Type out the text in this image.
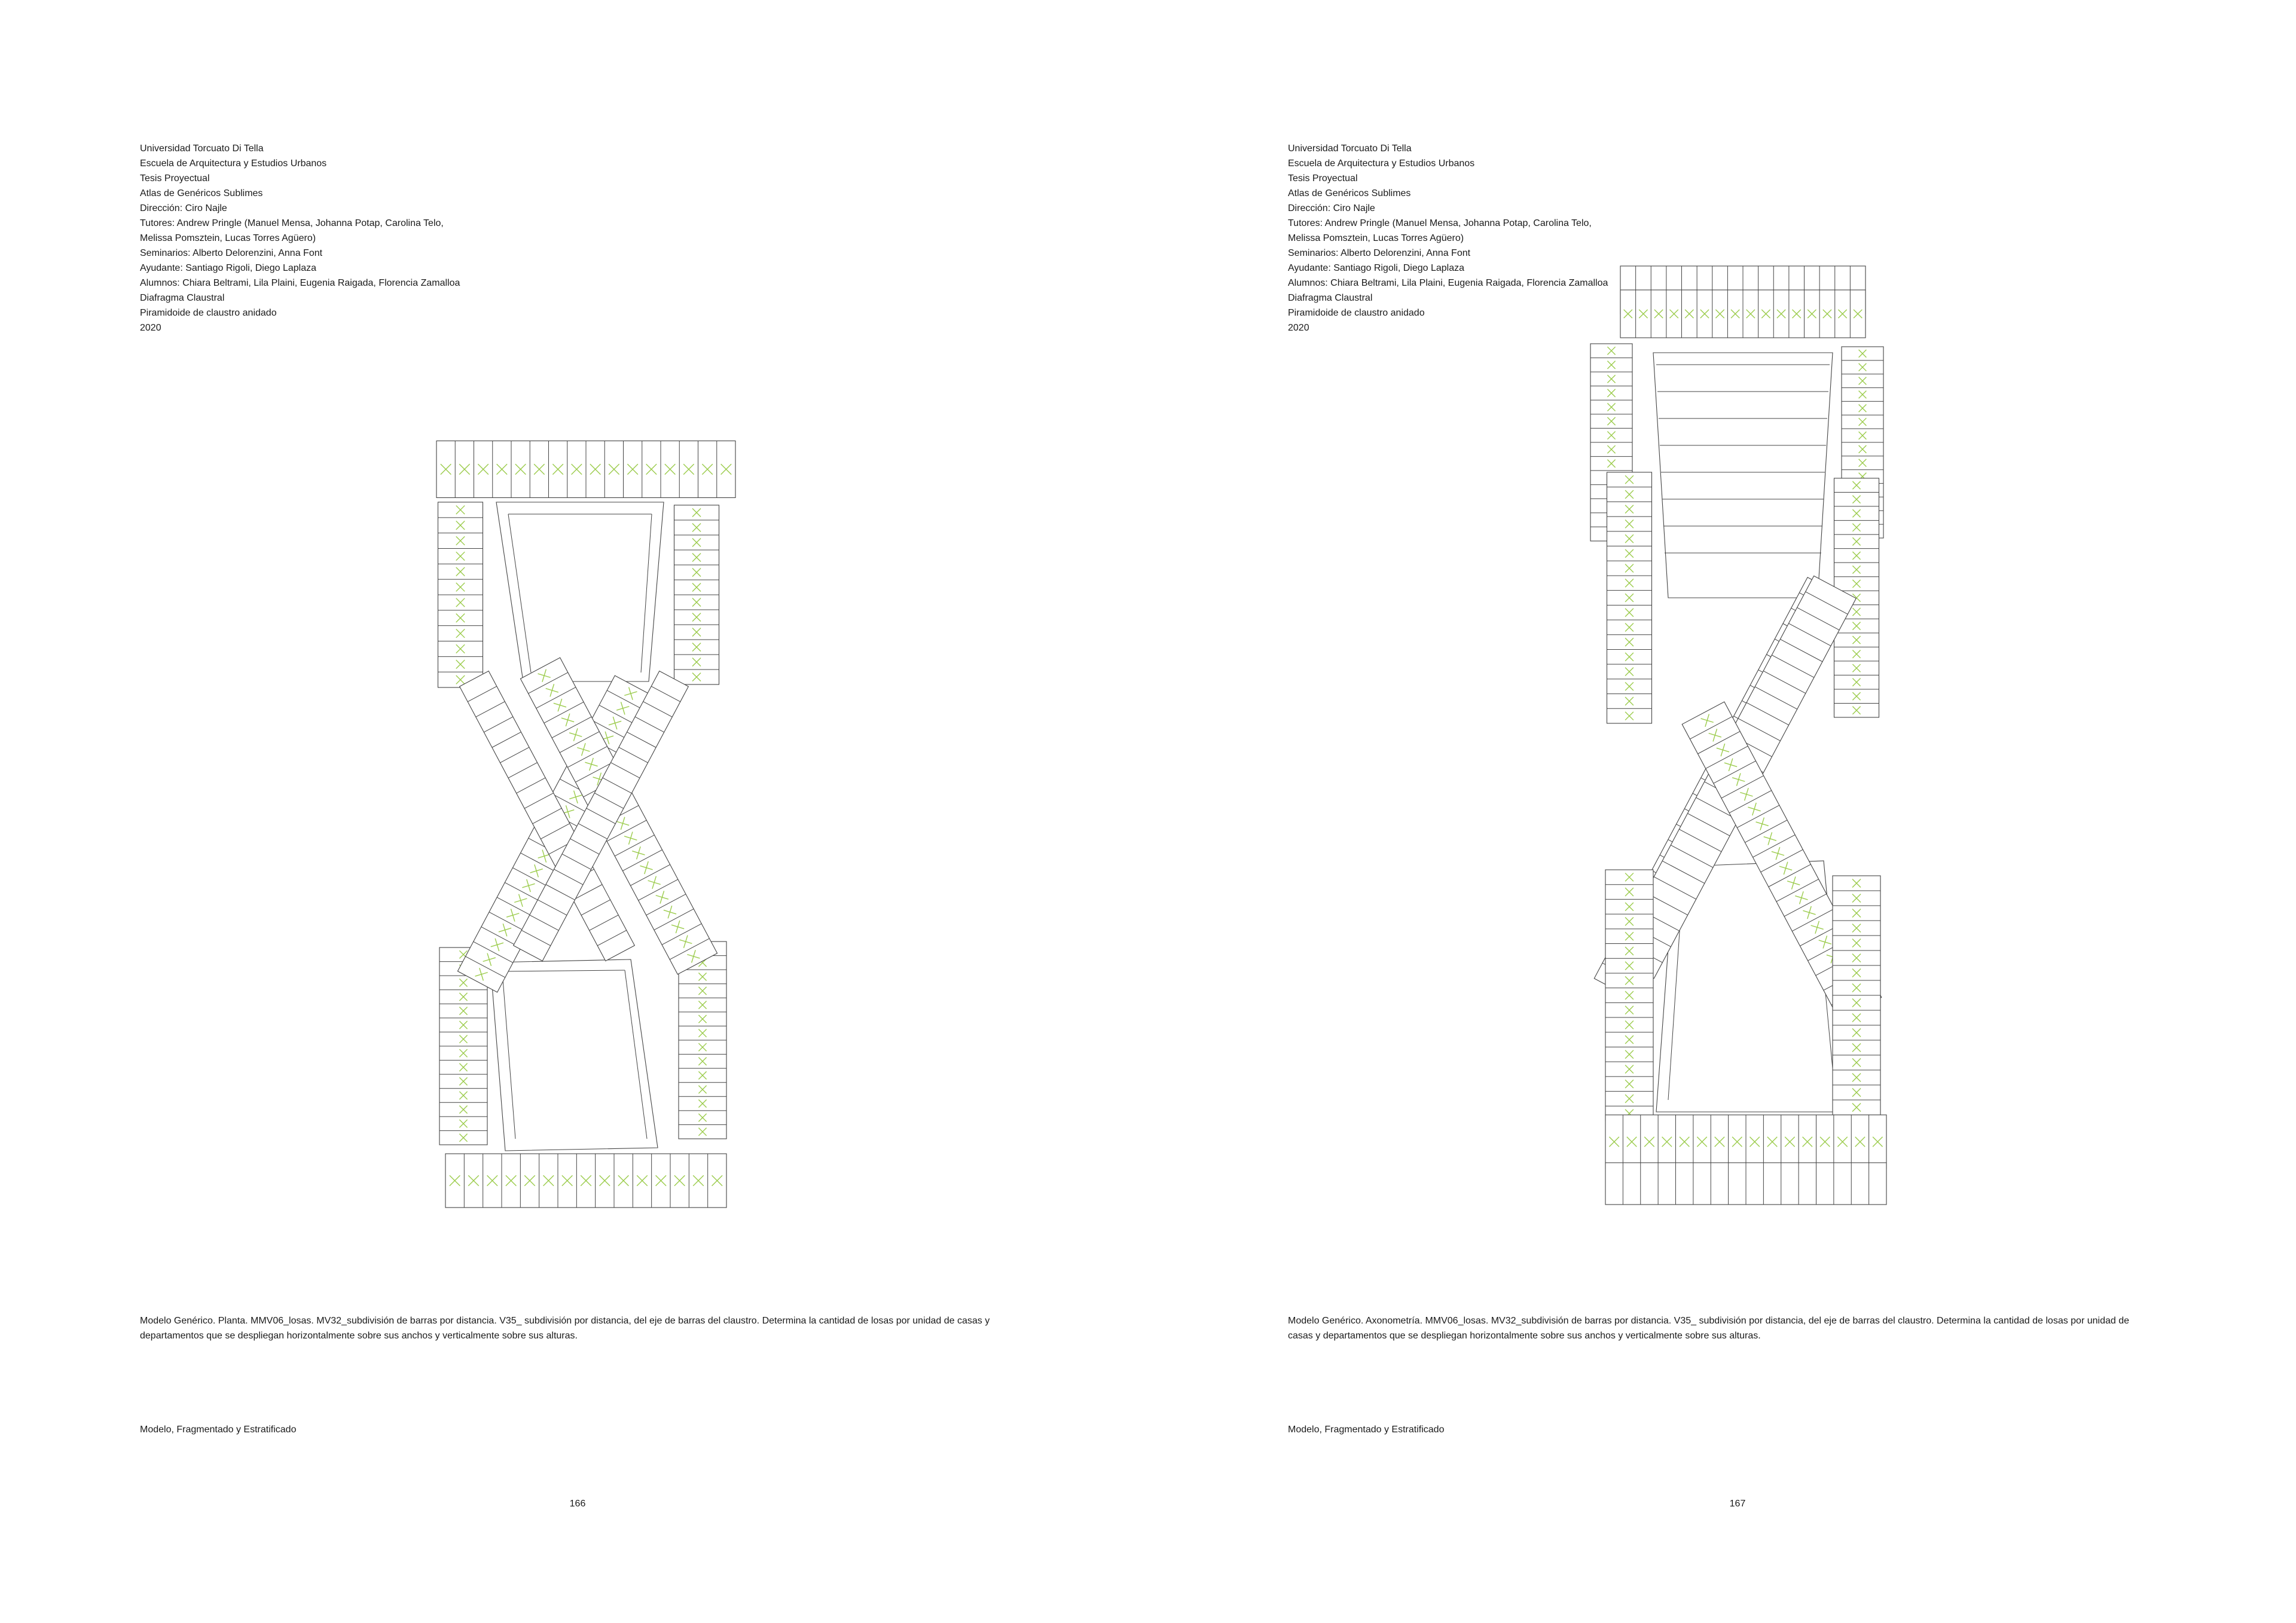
Universidad Torcuato Di Tella
Escuela de Arquitectura y Estudios Urbanos
Tesis Proyectual
Atlas de Genéricos Sublimes
Dirección: Ciro Najle
Tutores: Andrew Pringle (Manuel Mensa, Johanna Potap, Carolina Telo,
Melissa Pomsztein, Lucas Torres Agüero)
Seminarios: Alberto Delorenzini, Anna Font
Ayudante: Santiago Rigoli, Diego Laplaza
Alumnos: Chiara Beltrami, Lila Plaini, Eugenia Raigada, Florencia Zamalloa
Diafragma Claustral
Piramidoide de claustro anidado
2020

Modelo Genérico. Planta. MMV06_losas. MV32_subdivisión de barras por distancia. V35_ subdivisión por distancia, del eje de barras del claustro. Determina la cantidad de losas por unidad de casas y departamentos que se despliegan horizontalmente sobre sus anchos y verticalmente sobre sus alturas.

Modelo, Fragmentado y Estratificado

166
Universidad Torcuato Di Tella
Escuela de Arquitectura y Estudios Urbanos
Tesis Proyectual
Atlas de Genéricos Sublimes
Dirección: Ciro Najle
Tutores: Andrew Pringle (Manuel Mensa, Johanna Potap, Carolina Telo,
Melissa Pomsztein, Lucas Torres Agüero)
Seminarios: Alberto Delorenzini, Anna Font
Ayudante: Santiago Rigoli, Diego Laplaza
Alumnos: Chiara Beltrami, Lila Plaini, Eugenia Raigada, Florencia Zamalloa
Diafragma Claustral
Piramidoide de claustro anidado
2020

Modelo Genérico. Axonometría. MMV06_losas. MV32_subdivisión de barras por distancia. V35_ subdivisión por distancia, del eje de barras del claustro. Determina la cantidad de losas por unidad de casas y departamentos que se despliegan horizontalmente sobre sus anchos y verticalmente sobre sus alturas.

Modelo, Fragmentado y Estratificado

167
